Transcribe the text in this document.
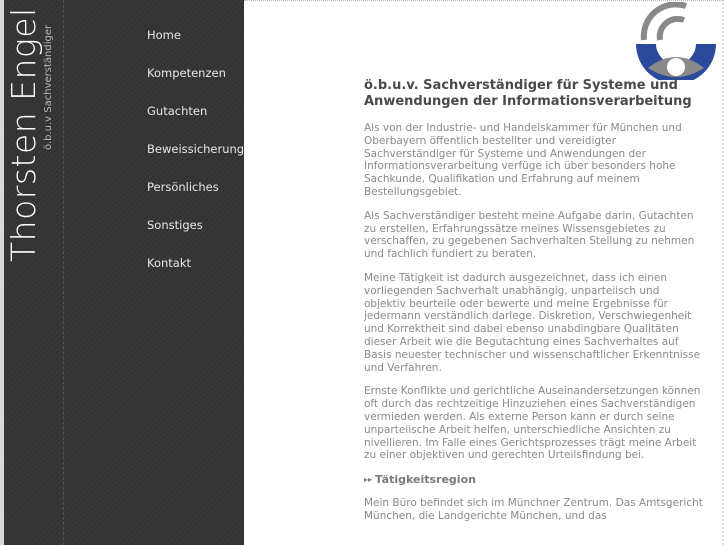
Thorsten Engel ö.b.u.v Sachverständiger	Home
Kompetenzen
Gutachten
Beweissicherung
Persönliches
Sonstiges
Kontakt
ö.b.u.v. Sachverständiger für Systeme und Anwendungen der Informationsverarbeitung

Als von der Industrie- und Handelskammer für München und Oberbayern öffentlich bestellter und vereidigter Sachverständiger für Systeme und Anwendungen der Informationsverarbeitung verfüge ich über besonders hohe Sachkunde, Qualifikation und Erfahrung auf meinem Bestellungsgebiet.

Als Sachverständiger besteht meine Aufgabe darin, Gutachten zu erstellen, Erfahrungssätze meines Wissensgebietes zu verschaffen, zu gegebenen Sachverhalten Stellung zu nehmen und fachlich fundiert zu beraten.

Meine Tätigkeit ist dadurch ausgezeichnet, dass ich einen vorliegenden Sachverhalt unabhängig, unparteiisch und objektiv beurteile oder bewerte und meine Ergebnisse für jedermann verständlich darlege. Diskretion, Verschwiegenheit und Korrektheit sind dabei ebenso unabdingbare Qualitäten dieser Arbeit wie die Begutachtung eines Sachverhaltes auf Basis neuester technischer und wissenschaftlicher Erkenntnisse und Verfahren.

Ernste Konflikte und gerichtliche Auseinandersetzungen können oft durch das rechtzeitige Hinzuziehen eines Sachverständigen vermieden werden. Als externe Person kann er durch seine unparteiische Arbeit helfen, unterschiedliche Ansichten zu nivellieren. Im Falle eines Gerichtsprozesses trägt meine Arbeit zu einer objektiven und gerechten Urteilsfindung bei.

▸▸ Tätigkeitsregion

Mein Büro befindet sich im Münchner Zentrum. Das Amtsgericht München, die Landgerichte München, und das
